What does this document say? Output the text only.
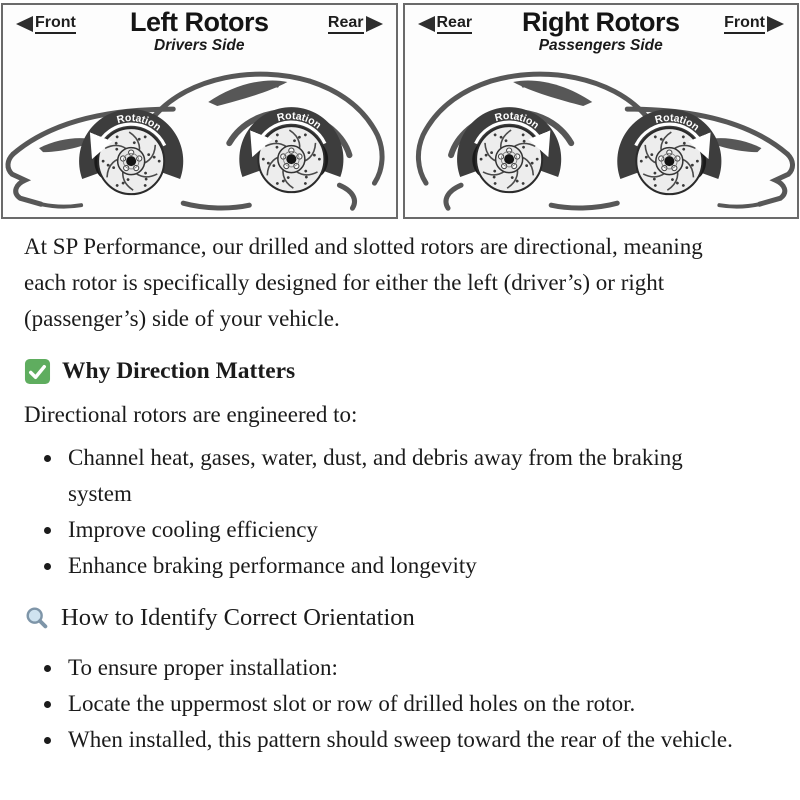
Front	Left Rotors
Drivers Side
Rear
Rotation
Rotation
Rear	Right Rotors
Passengers Side
Front
Rotation	Rotation

At SP Performance, our drilled and slotted rotors are directional, meaning each rotor is specifically designed for either the left (driver’s) or right (passenger’s) side of your vehicle.

Why Direction Matters

Directional rotors are engineered to:

• Channel heat, gases, water, dust, and debris away from the braking system
• Improve cooling efficiency
• Enhance braking performance and longevity
How to Identify Correct Orientation
• To ensure proper installation:
• Locate the uppermost slot or row of drilled holes on the rotor.
• When installed, this pattern should sweep toward the rear of the vehicle.
